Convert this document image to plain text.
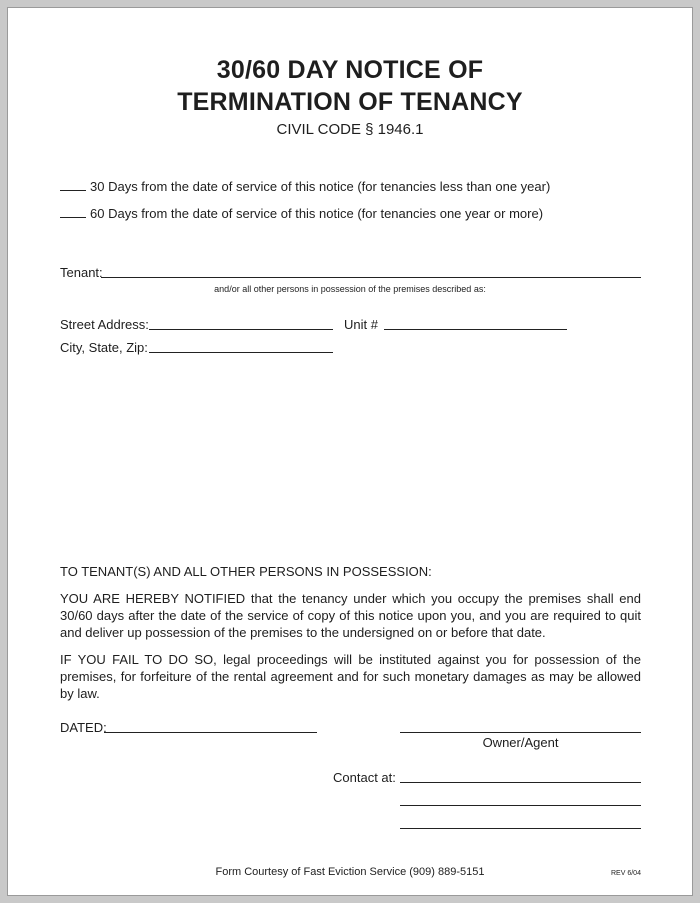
30/60 DAY NOTICE OF
TERMINATION OF TENANCY
CIVIL CODE § 1946.1
30 Days from the date of service of this notice (for tenancies less than one year)
60 Days from the date of service of this notice (for tenancies one year or more)
Tenant:
and/or all other persons in possession of the premises described as:
Street Address:	Unit #
City, State, Zip:
TO TENANT(S) AND ALL OTHER PERSONS IN POSSESSION:
YOU ARE HEREBY NOTIFIED that the tenancy under which you occupy the premises shall end 30/60 days after the date of the service of copy of this notice upon you, and you are required to quit and deliver up possession of the premises to the undersigned on or before that date.
IF YOU FAIL TO DO SO, legal proceedings will be instituted against you for possession of the premises, for forfeiture of the rental agreement and for such monetary damages as may be allowed by law.
DATED:
Owner/Agent
Contact at:
Form Courtesy of Fast Eviction Service (909) 889-5151	REV 6/04
